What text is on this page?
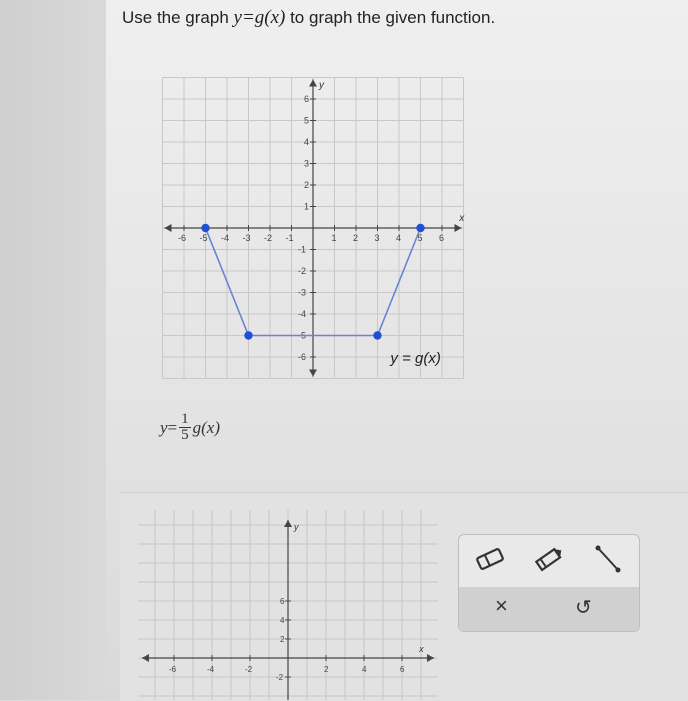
Use the graph y=g(x) to graph the given function.
x
y
-6 -5 -4 -3 -2 -1	1 2 3 4 5 6
6
5
4
3
2
1
-1
-2
-3
-4
-5
-6	y = g(x)
$y = \frac{1}{5} g(x)$
x
y
-6	-4	-2	2	4	6
6
4
2
-2
×	↺
